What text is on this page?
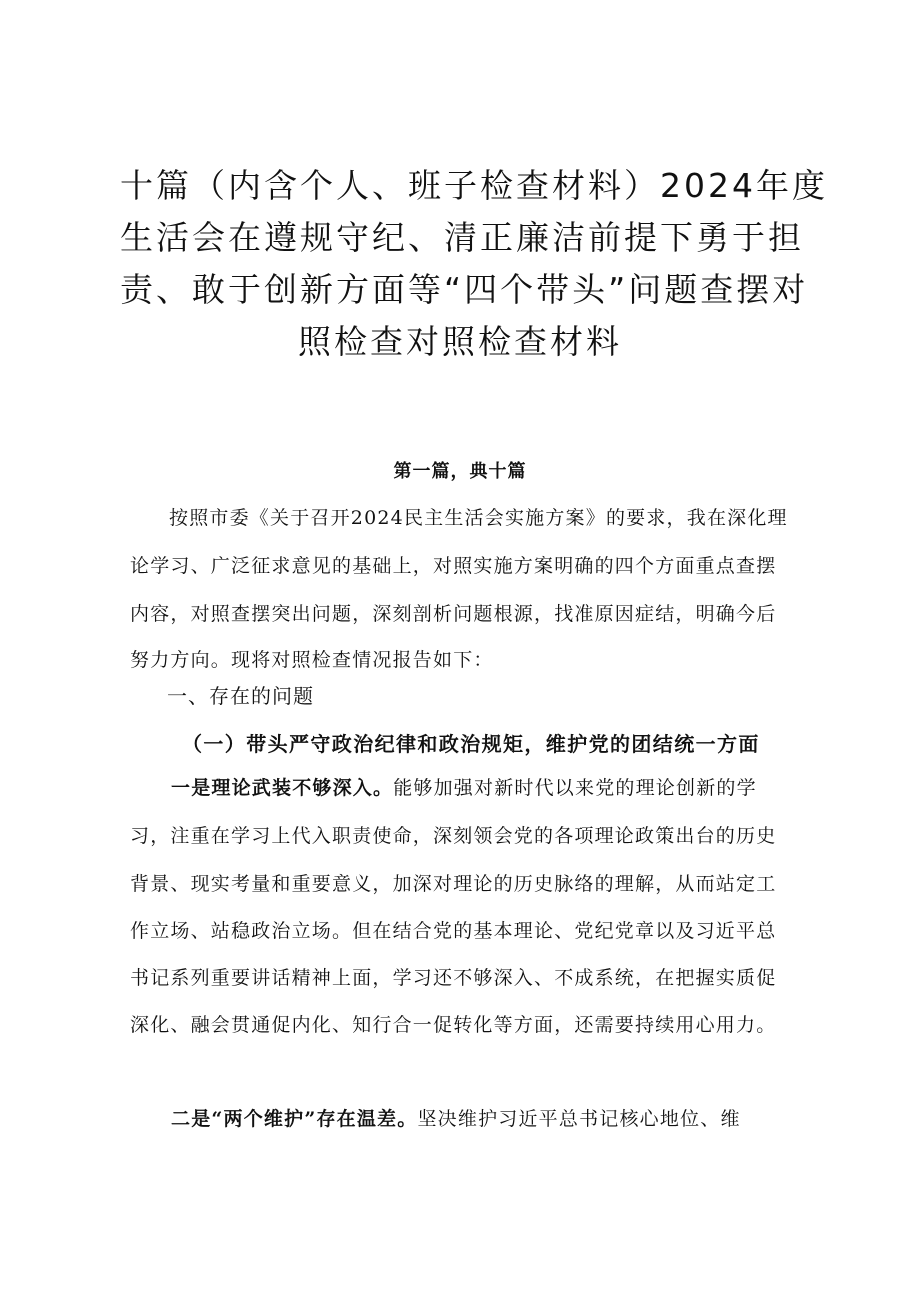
十篇（内含个人、班子检查材料）2024年度
生活会在遵规守纪、清正廉洁前提下勇于担
责、敢于创新方面等“四个带头”问题查摆对
照检查对照检查材料
第一篇，典十篇
按照市委《关于召开2024民主生活会实施方案》的要求，我在深化理
论学习、广泛征求意见的基础上，对照实施方案明确的四个方面重点查摆
内容，对照查摆突出问题，深刻剖析问题根源，找准原因症结，明确今后
努力方向。现将对照检查情况报告如下：
一、存在的问题
（一）带头严守政治纪律和政治规矩，维护党的团结统一方面
一是理论武装不够深入。能够加强对新时代以来党的理论创新的学
习，注重在学习上代入职责使命，深刻领会党的各项理论政策出台的历史
背景、现实考量和重要意义，加深对理论的历史脉络的理解，从而站定工
作立场、站稳政治立场。但在结合党的基本理论、党纪党章以及习近平总
书记系列重要讲话精神上面，学习还不够深入、不成系统，在把握实质促
深化、融会贯通促内化、知行合一促转化等方面，还需要持续用心用力。
二是“两个维护”存在温差。坚决维护习近平总书记核心地位、维
